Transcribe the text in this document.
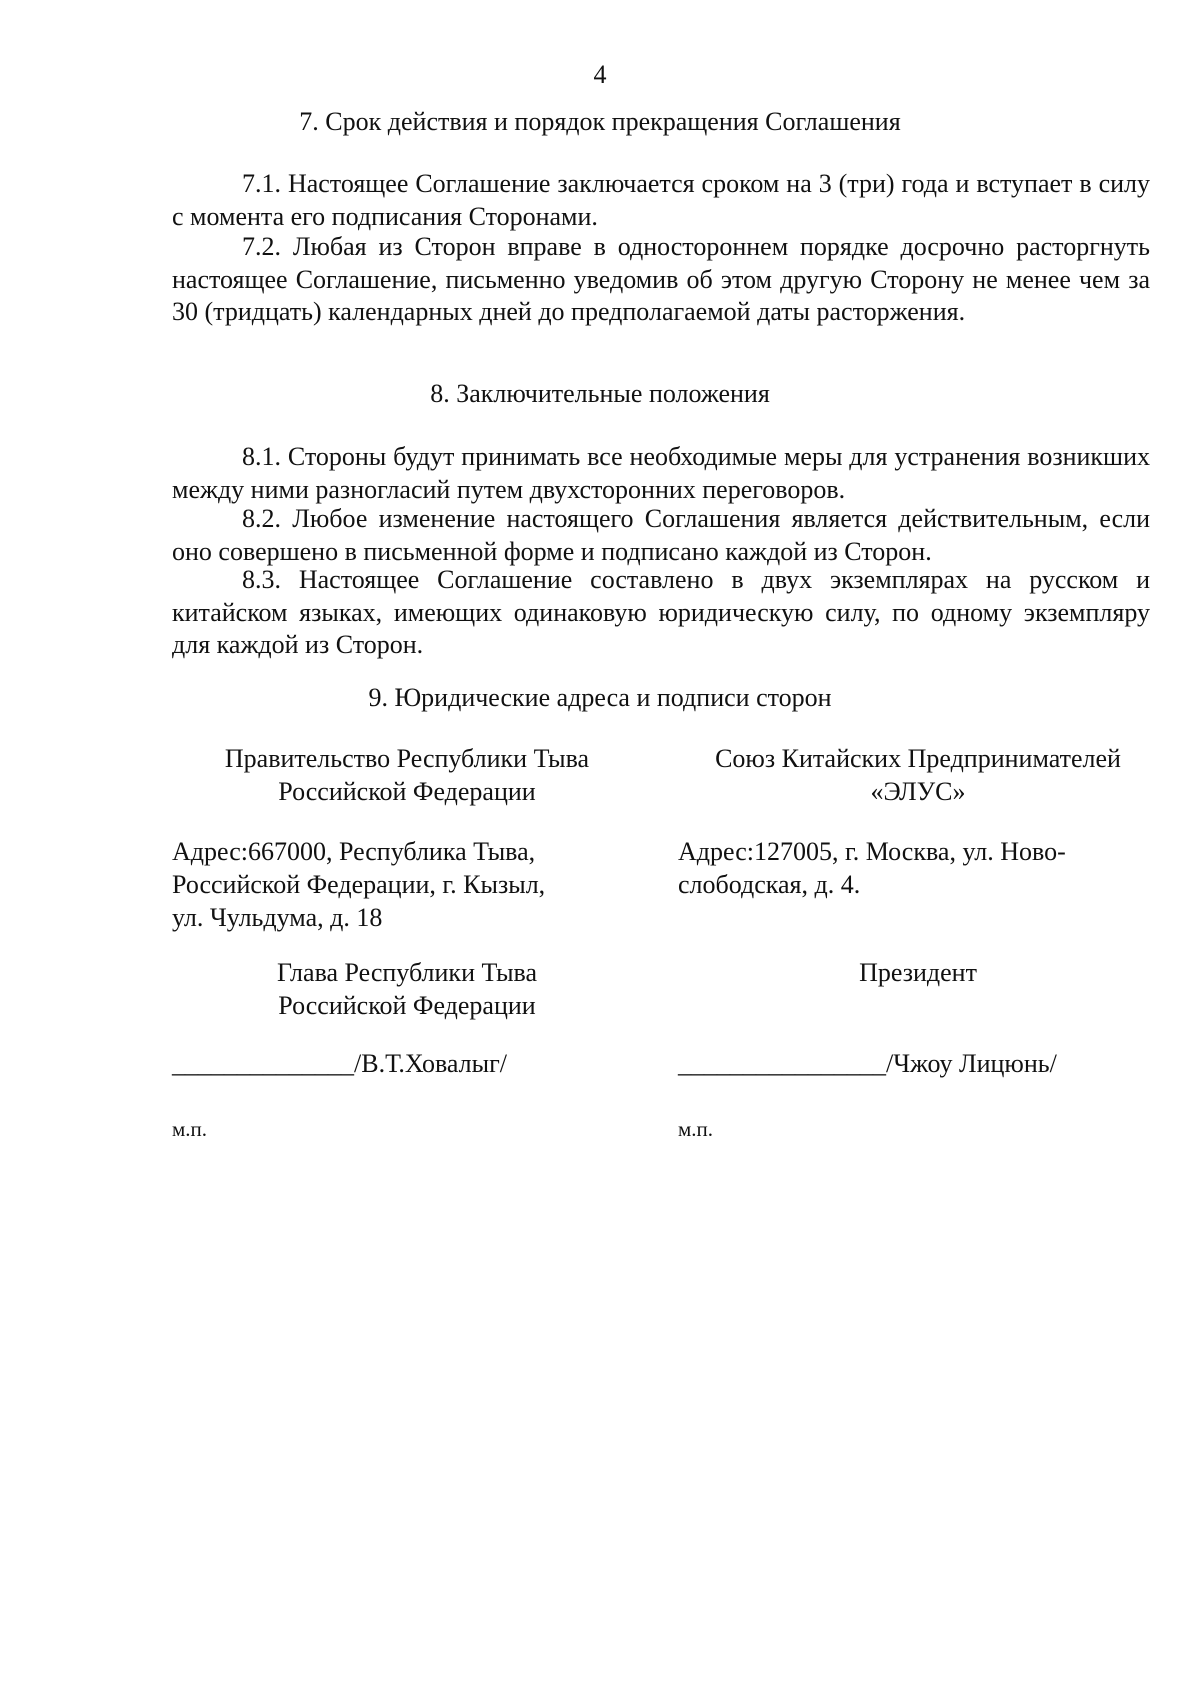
4
7. Срок действия и порядок прекращения Соглашения
7.1. Настоящее Соглашение заключается сроком на 3 (три) года и вступает в силу с момента его подписания Сторонами.
7.2. Любая из Сторон вправе в одностороннем порядке досрочно расторгнуть настоящее Соглашение, письменно уведомив об этом другую Сторону не менее чем за 30 (тридцать) календарных дней до предполагаемой даты расторжения.
8. Заключительные положения
8.1. Стороны будут принимать все необходимые меры для устранения возникших между ними разногласий путем двухсторонних переговоров.
8.2. Любое изменение настоящего Соглашения является действительным, если оно совершено в письменной форме и подписано каждой из Сторон.
8.3. Настоящее Соглашение составлено в двух экземплярах на русском и китайском языках, имеющих одинаковую юридическую силу, по одному экземпляру для каждой из Сторон.
9. Юридические адреса и подписи сторон
Правительство Республики Тыва
Российской Федерации
Адрес:667000, Республика Тыва,
Российской Федерации, г. Кызыл,
ул. Чульдума, д. 18
Глава Республики Тыва
Российской Федерации
______________/В.Т.Ховалыг/
м.п.
Союз Китайских Предпринимателей
«ЭЛУС»
Адрес:127005, г. Москва, ул. Ново-
слободская, д. 4.
Президент
________________/Чжоу Лицюнь/
м.п.
